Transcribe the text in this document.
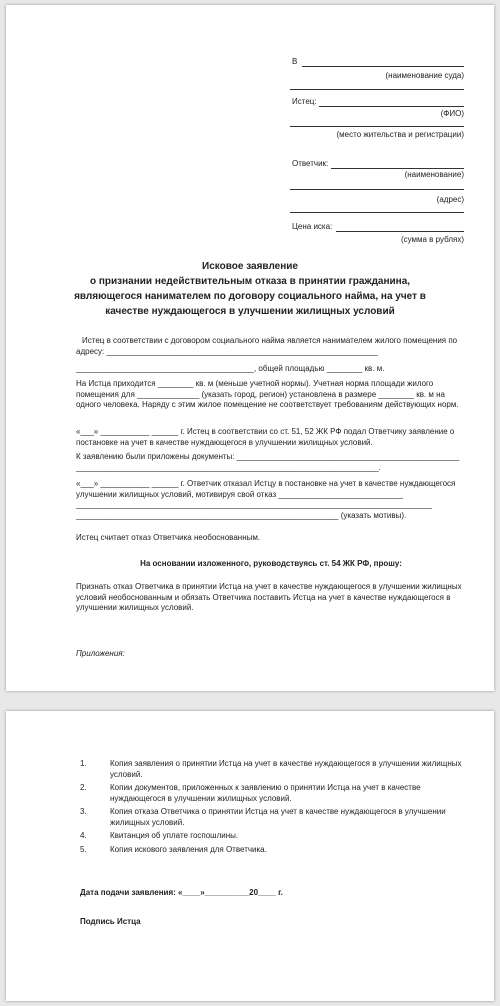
В
(наименование суда)
Истец:
(ФИО)
(место жительства и регистрации)
Ответчик:
(наименование)
(адрес)
Цена иска:
(сумма в рублях)
Исковое заявление
о признании недействительным отказа в принятии гражданина,
являющегося нанимателем по договору социального найма, на учет в
качестве нуждающегося в улучшении жилищных условий

Истец в соответствии с договором социального найма является нанимателем жилого помещения по адресу: _____________________________________________________________

________________________________________, общей площадью ________ кв. м.

На Истца приходится ________ кв. м (меньше учетной нормы). Учетная норма площади жилого помещения для ______________ (указать город, регион) установлена в размере ________ кв. м на одного человека. Наряду с этим жилое помещение не соответствует требованиям действующих норм.

«___» ___________ ______ г. Истец в соответствии со ст. 51, 52 ЖК РФ подал Ответчику заявление о постановке на учет в качестве нуждающегося в улучшении жилищных условий.

К заявлению были приложены документы: __________________________________________________ ____________________________________________________________________.

«___» ___________ ______ г. Ответчик отказал Истцу в постановке на учет в качестве нуждающегося улучшении жилищных условий, мотивируя свой отказ ____________________________ ________________________________________________________________________________ ___________________________________________________________ (указать мотивы).

Истец считает отказ Ответчика необоснованным.

На основании изложенного, руководствуясь ст. 54 ЖК РФ, прошу:

Признать отказ Ответчика в принятии Истца на учет в качестве нуждающегося в улучшении жилищных условий необоснованным и обязать Ответчика поставить Истца на учет в качестве нуждающегося в улучшении жилищных условий.

Приложения:
1.	Копия заявления о принятии Истца на учет в качестве нуждающегося в улучшении жилищных условий.
2.	Копии документов, приложенных к заявлению о принятии Истца на учет в качестве нуждающегося в улучшении жилищных условий.
3.	Копия отказа Ответчика о принятии Истца на учет в качестве нуждающегося в улучшении жилищных условий.
4.	Квитанция об уплате госпошлины.
5.	Копия искового заявления для Ответчика.
Дата подачи заявления: «____»__________20____ г.
Подпись Истца
